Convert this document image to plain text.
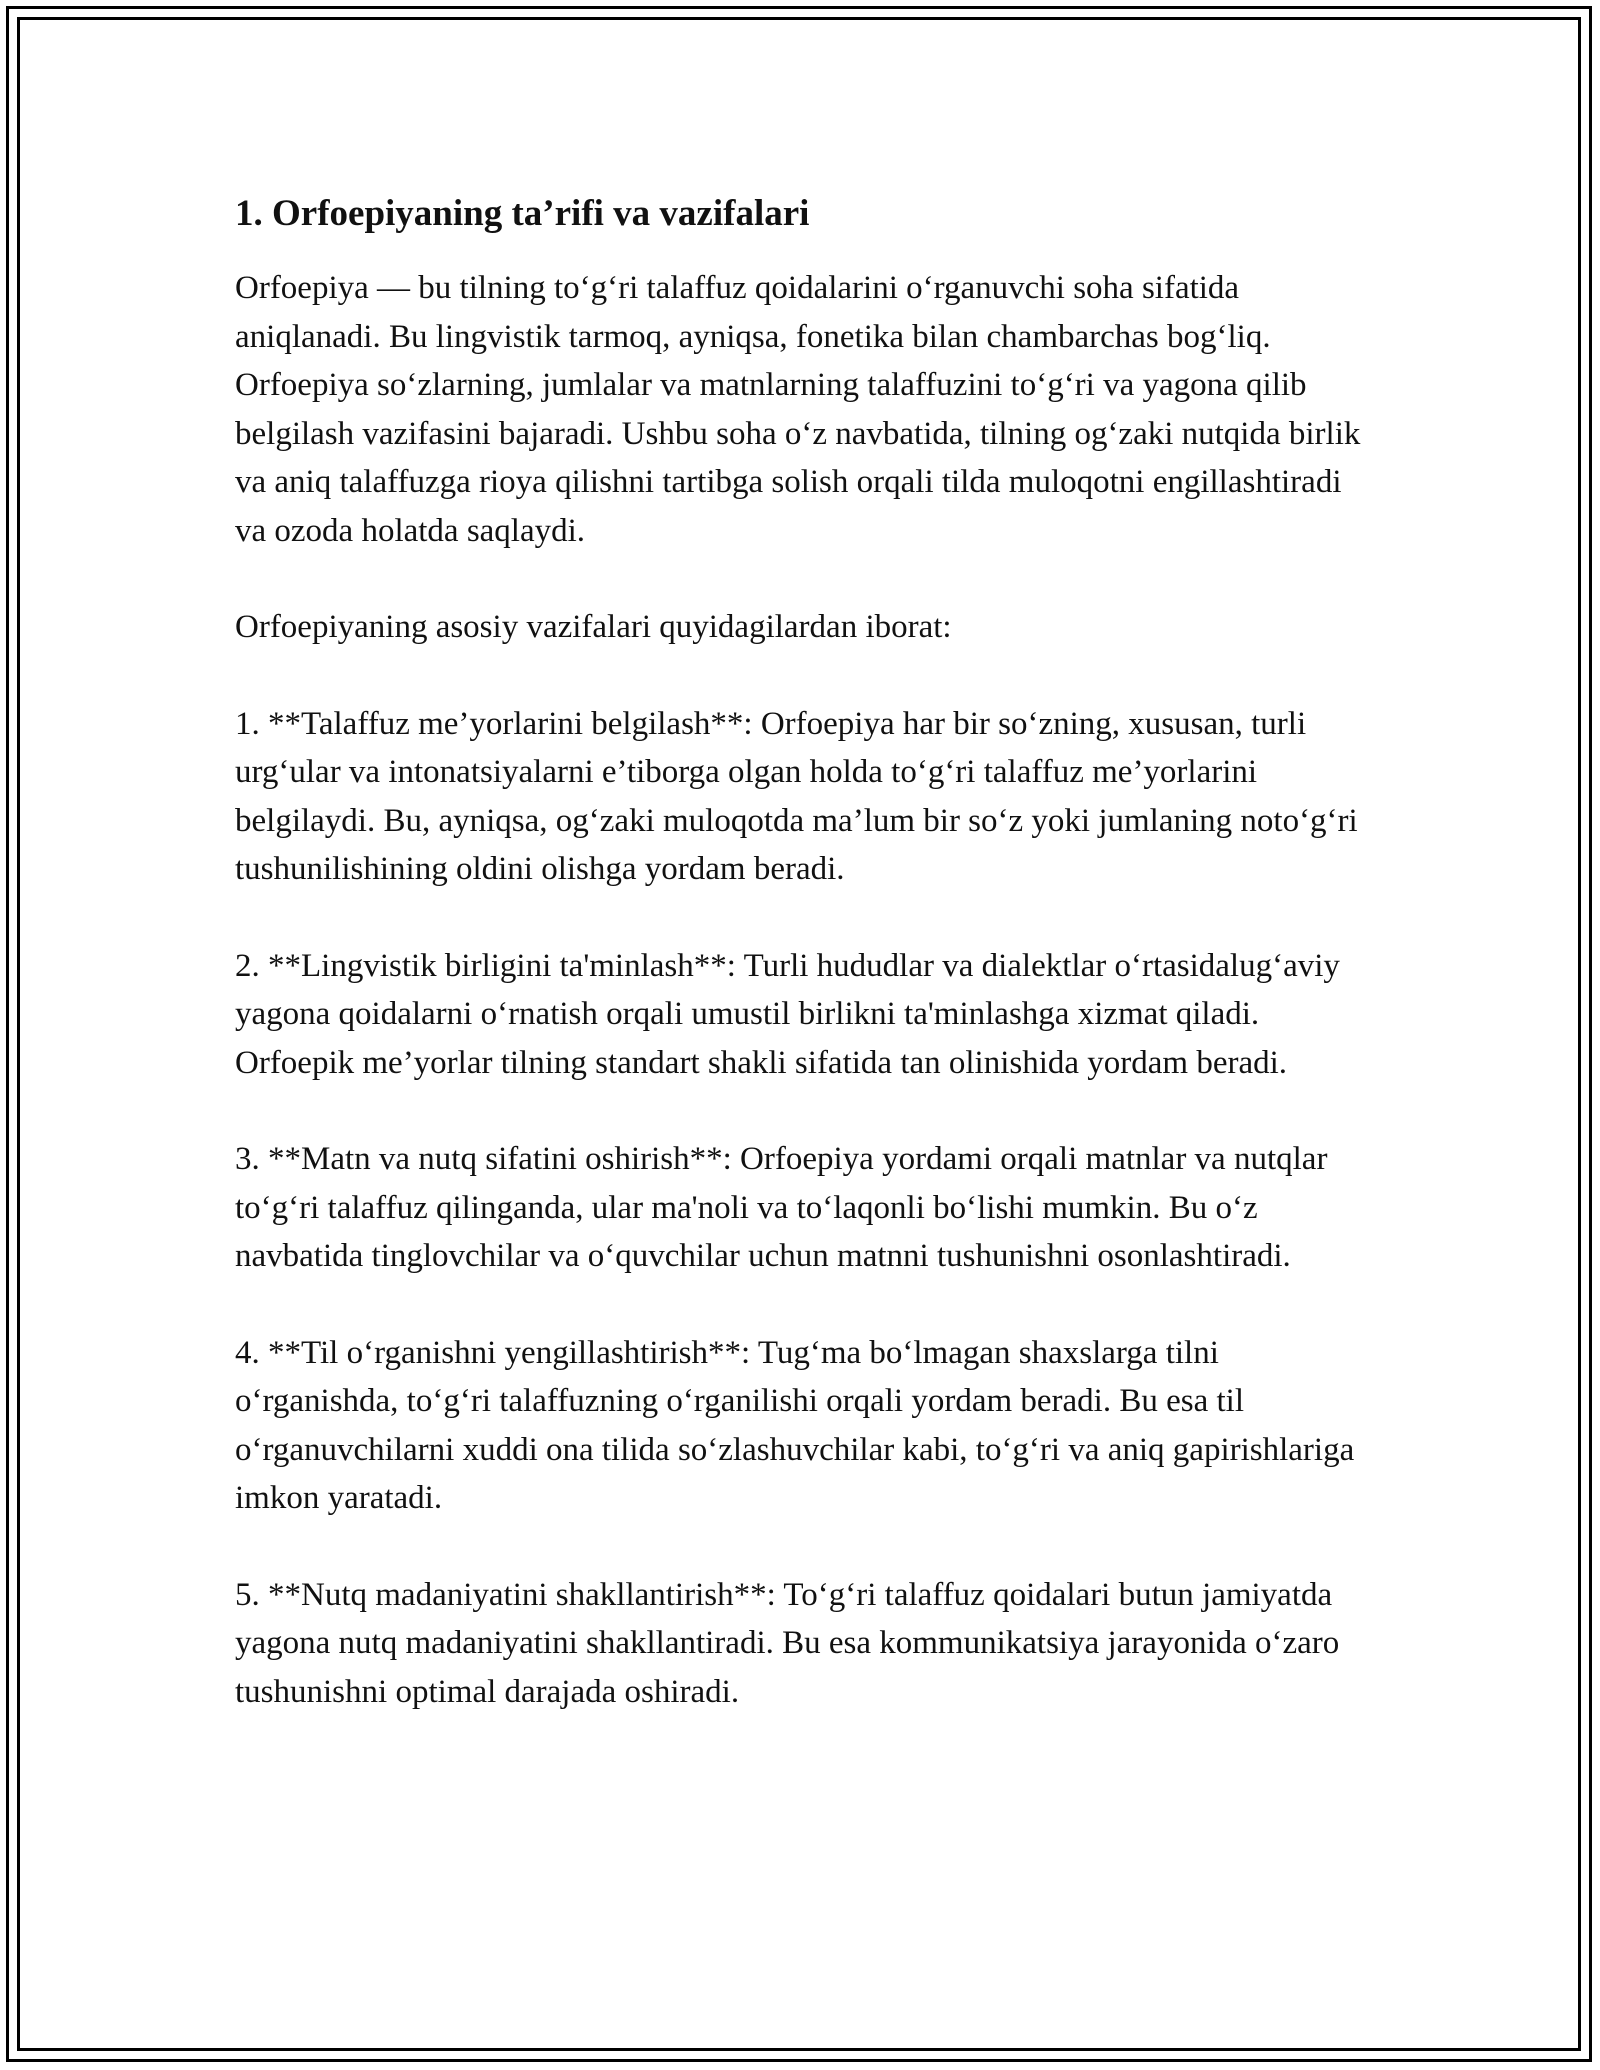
1. Orfoepiyaning ta’rifi va vazifalari

Orfoepiya — bu tilning to‘g‘ri talaffuz qoidalarini o‘rganuvchi soha sifatida aniqlanadi. Bu lingvistik tarmoq, ayniqsa, fonetika bilan chambarchas bog‘liq. Orfoepiya so‘zlarning, jumlalar va matnlarning talaffuzini to‘g‘ri va yagona qilib belgilash vazifasini bajaradi. Ushbu soha o‘z navbatida, tilning og‘zaki nutqida birlik va aniq talaffuzga rioya qilishni tartibga solish orqali tilda muloqotni engillashtiradi va ozoda holatda saqlaydi.

Orfoepiyaning asosiy vazifalari quyidagilardan iborat:

1. **Talaffuz me’yorlarini belgilash**: Orfoepiya har bir so‘zning, xususan, turli urg‘ular va intonatsiyalarni e’tiborga olgan holda to‘g‘ri talaffuz me’yorlarini belgilaydi. Bu, ayniqsa, og‘zaki muloqotda ma’lum bir so‘z yoki jumlaning noto‘g‘ri tushunilishining oldini olishga yordam beradi.

2. **Lingvistik birligini ta'minlash**: Turli hududlar va dialektlar o‘rtasidalug‘aviy yagona qoidalarni o‘rnatish orqali umustil birlikni ta'minlashga xizmat qiladi. Orfoepik me’yorlar tilning standart shakli sifatida tan olinishida yordam beradi.

3. **Matn va nutq sifatini oshirish**: Orfoepiya yordami orqali matnlar va nutqlar to‘g‘ri talaffuz qilinganda, ular ma'noli va to‘laqonli bo‘lishi mumkin. Bu o‘z navbatida tinglovchilar va o‘quvchilar uchun matnni tushunishni osonlashtiradi.

4. **Til o‘rganishni yengillashtirish**: Tug‘ma bo‘lmagan shaxslarga tilni o‘rganishda, to‘g‘ri talaffuzning o‘rganilishi orqali yordam beradi. Bu esa til o‘rganuvchilarni xuddi ona tilida so‘zlashuvchilar kabi, to‘g‘ri va aniq gapirishlariga imkon yaratadi.

5. **Nutq madaniyatini shakllantirish**: To‘g‘ri talaffuz qoidalari butun jamiyatda yagona nutq madaniyatini shakllantiradi. Bu esa kommunikatsiya jarayonida o‘zaro tushunishni optimal darajada oshiradi.
